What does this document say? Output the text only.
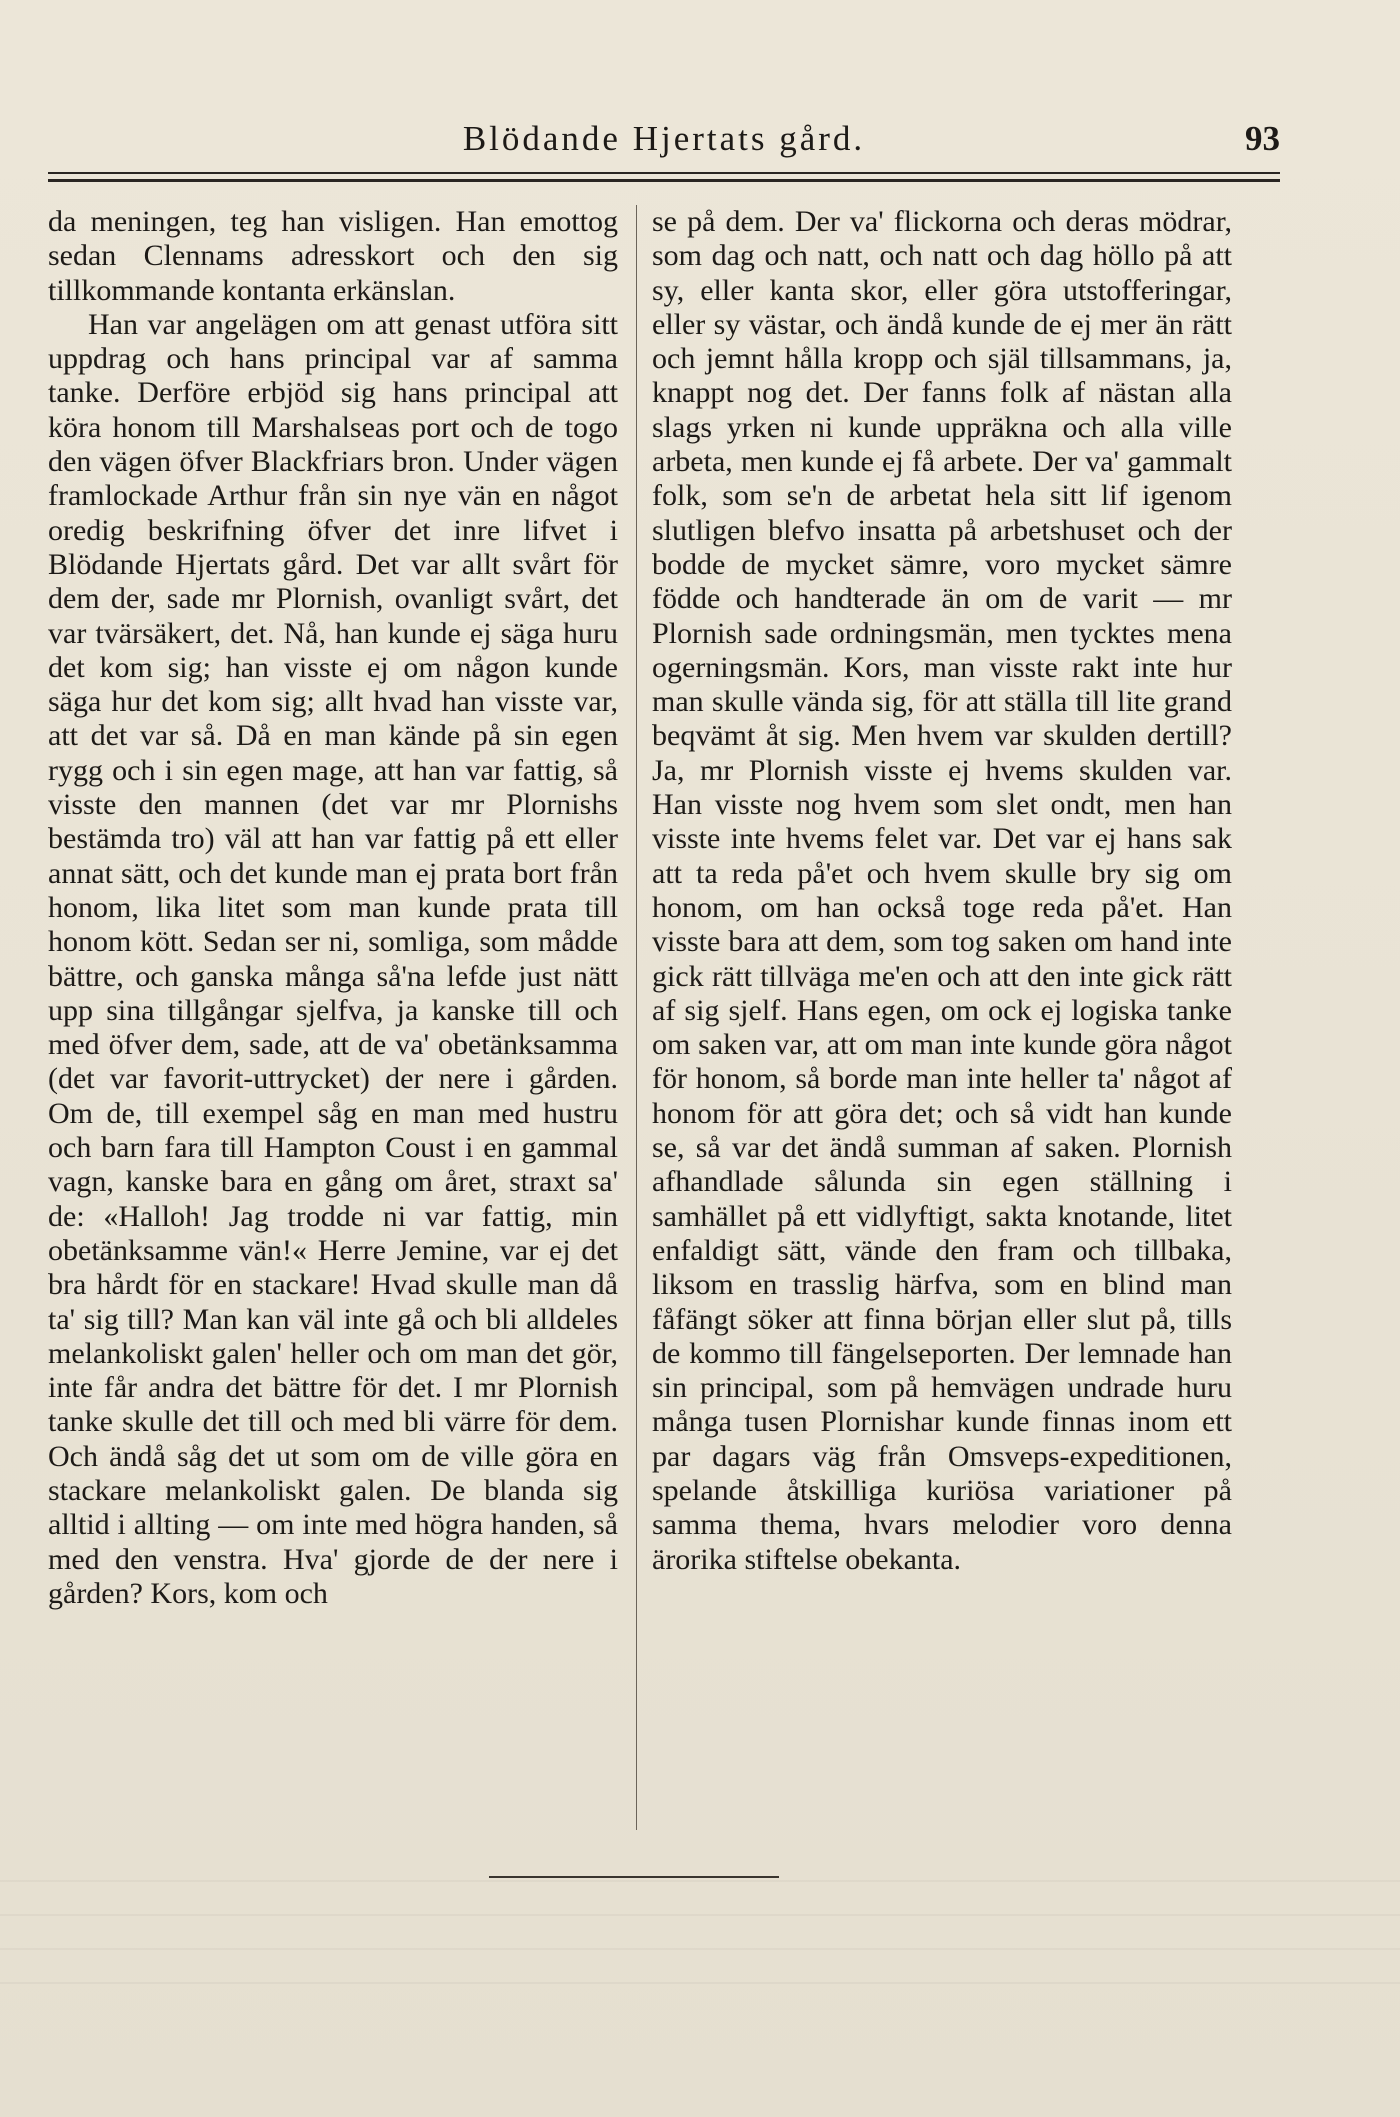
Blödande Hjertats gård.	93

da meningen, teg han visligen. Han emottog sedan Clennams adresskort och den sig tillkommande kontanta erkänslan.

Han var angelägen om att genast utföra sitt uppdrag och hans principal var af samma tanke. Derföre erbjöd sig hans principal att köra honom till Marshalseas port och de togo den vägen öfver Blackfriars bron. Under vägen framlockade Arthur från sin nye vän en något oredig beskrifning öfver det inre lifvet i Blödande Hjertats gård. Det var allt svårt för dem der, sade mr Plornish, ovanligt svårt, det var tvärsäkert, det. Nå, han kunde ej säga huru det kom sig; han visste ej om någon kunde säga hur det kom sig; allt hvad han visste var, att det var så. Då en man kände på sin egen rygg och i sin egen mage, att han var fattig, så visste den mannen (det var mr Plornishs bestämda tro) väl att han var fattig på ett eller annat sätt, och det kunde man ej prata bort från honom, lika litet som man kunde prata till honom kött. Sedan ser ni, somliga, som mådde bättre, och ganska många så'na lefde just nätt upp sina tillgångar sjelfva, ja kanske till och med öfver dem, sade, att de va' obetänksamma (det var favorit-uttrycket) der nere i gården. Om de, till exempel såg en man med hustru och barn fara till Hampton Coust i en gammal vagn, kanske bara en gång om året, straxt sa' de: «Halloh! Jag trodde ni var fattig, min obetänksamme vän!« Herre Jemine, var ej det bra hårdt för en stackare! Hvad skulle man då ta' sig till? Man kan väl inte gå och bli alldeles melankoliskt galen' heller och om man det gör, inte får andra det bättre för det. I mr Plornish tanke skulle det till och med bli värre för dem. Och ändå såg det ut som om de ville göra en stackare melankoliskt galen. De blanda sig alltid i allting — om inte med högra handen, så med den venstra. Hva' gjorde de der nere i gården? Kors, kom och

se på dem. Der va' flickorna och deras mödrar, som dag och natt, och natt och dag höllo på att sy, eller kanta skor, eller göra utstofferingar, eller sy västar, och ändå kunde de ej mer än rätt och jemnt hålla kropp och själ tillsammans, ja, knappt nog det. Der fanns folk af nästan alla slags yrken ni kunde uppräkna och alla ville arbeta, men kunde ej få arbete. Der va' gammalt folk, som se'n de arbetat hela sitt lif igenom slutligen blefvo insatta på arbetshuset och der bodde de mycket sämre, voro mycket sämre födde och handterade än om de varit — mr Plornish sade ordningsmän, men tycktes mena ogerningsmän. Kors, man visste rakt inte hur man skulle vända sig, för att ställa till lite grand beqvämt åt sig. Men hvem var skulden dertill? Ja, mr Plornish visste ej hvems skulden var. Han visste nog hvem som slet ondt, men han visste inte hvems felet var. Det var ej hans sak att ta reda på'et och hvem skulle bry sig om honom, om han också toge reda på'et. Han visste bara att dem, som tog saken om hand inte gick rätt tillväga me'en och att den inte gick rätt af sig sjelf. Hans egen, om ock ej logiska tanke om saken var, att om man inte kunde göra något för honom, så borde man inte heller ta' något af honom för att göra det; och så vidt han kunde se, så var det ändå summan af saken. Plornish afhandlade sålunda sin egen ställning i samhället på ett vidlyftigt, sakta knotande, litet enfaldigt sätt, vände den fram och tillbaka, liksom en trasslig härfva, som en blind man fåfängt söker att finna början eller slut på, tills de kommo till fängelseporten. Der lemnade han sin principal, som på hemvägen undrade huru många tusen Plornishar kunde finnas inom ett par dagars väg från Omsveps-expeditionen, spelande åtskilliga kuriösa variationer på samma thema, hvars melodier voro denna ärorika stiftelse obekanta.
